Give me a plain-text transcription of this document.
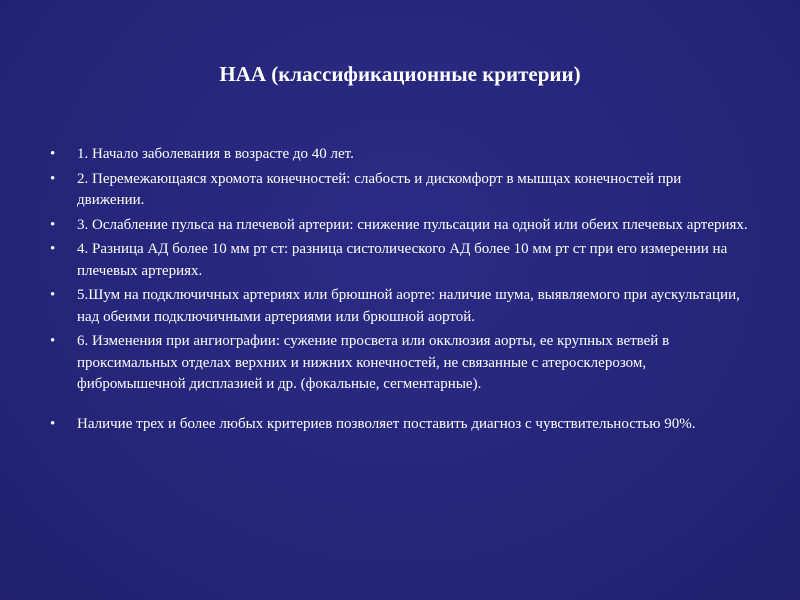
НАА (классификационные критерии)
• 1. Начало заболевания в возрасте до 40 лет.
• 2. Перемежающаяся хромота конечностей: слабость и дискомфорт в мышцах конечностей при движении.
• 3. Ослабление пульса на плечевой артерии: снижение пульсации на одной или обеих плечевых артериях.
• 4. Разница АД более 10 мм рт ст: разница систолического АД более 10 мм рт ст при его измерении на плечевых артериях.
• 5.Шум на подключичных артериях или брюшной аорте: наличие шума, выявляемого при аускультации, над обеими подключичными артериями или брюшной аортой.
• 6. Изменения при ангиографии: сужение просвета или окклюзия аорты, ее крупных ветвей в проксимальных отделах верхних и нижних конечностей, не связанные с атеросклерозом, фибромышечной дисплазией и др. (фокальные, сегментарные).
• Наличие трех и более любых критериев позволяет поставить диагноз с чувствительностью 90%.
